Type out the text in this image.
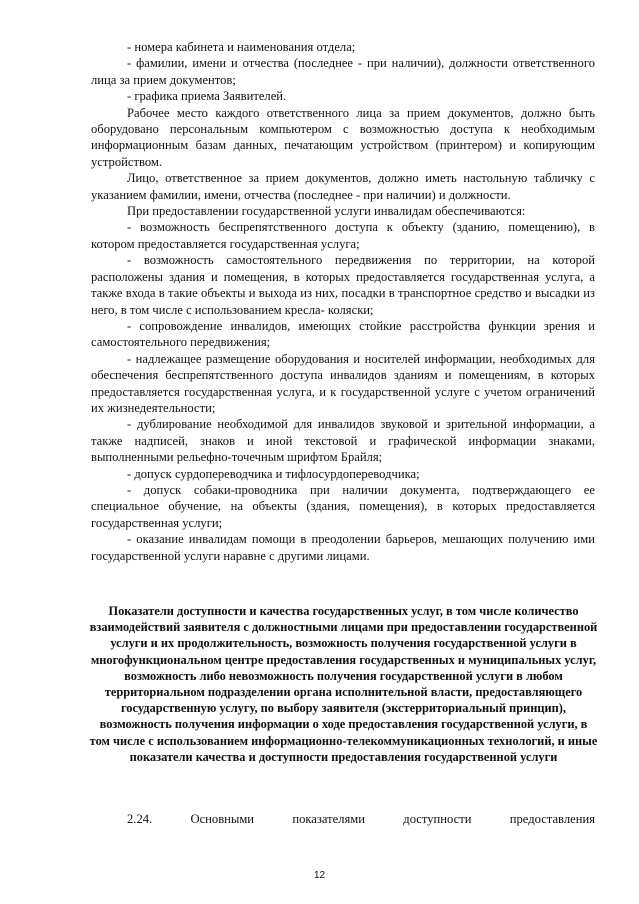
- номера кабинета и наименования отдела;

- фамилии, имени и отчества (последнее - при наличии), должности ответственного лица за прием документов;

- графика приема Заявителей.

Рабочее место каждого ответственного лица за прием документов, должно быть оборудовано персональным компьютером с возможностью доступа к необходимым информационным базам данных, печатающим устройством (принтером) и копирующим устройством.

Лицо, ответственное за прием документов, должно иметь настольную табличку с указанием фамилии, имени, отчества (последнее - при наличии) и должности.

При предоставлении государственной услуги инвалидам обеспечиваются:

- возможность беспрепятственного доступа к объекту (зданию, помещению), в котором предоставляется государственная услуга;

- возможность самостоятельного передвижения по территории, на которой расположены здания и помещения, в которых предоставляется государственная услуга, а также входа в такие объекты и выхода из них, посадки в транспортное средство и высадки из него, в том числе с использованием кресла- коляски;

- сопровождение инвалидов, имеющих стойкие расстройства функции зрения и самостоятельного передвижения;

- надлежащее размещение оборудования и носителей информации, необходимых для обеспечения беспрепятственного доступа инвалидов зданиям и помещениям, в которых предоставляется государственная услуга, и к государственной услуге с учетом ограничений их жизнедеятельности;

- дублирование необходимой для инвалидов звуковой и зрительной информации, а также надписей, знаков и иной текстовой и графической информации знаками, выполненными рельефно-точечным шрифтом Брайля;

- допуск сурдопереводчика и тифлосурдопереводчика;

- допуск собаки-проводника при наличии документа, подтверждающего ее специальное обучение, на объекты (здания, помещения), в которых предоставляется государственная услуги;

- оказание инвалидам помощи в преодолении барьеров, мешающих получению ими государственной услуги наравне с другими лицами.

Показатели доступности и качества государственных услуг, в том числе количество взаимодействий заявителя с должностными лицами при предоставлении государственной услуги и их продолжительность, возможность получения государственной услуги в многофункциональном центре предоставления государственных и муниципальных услуг, возможность либо невозможность получения государственной услуги в любом территориальном подразделении органа исполнительной власти, предоставляющего государственную услугу, по выбору заявителя (экстерриториальный принцип), возможность получения информации о ходе предоставления государственной услуги, в том числе с использованием информационно-телекоммуникационных технологий, и иные показатели качества и доступности предоставления государственной услуги

2.24. Основными показателями доступности предоставления

12
